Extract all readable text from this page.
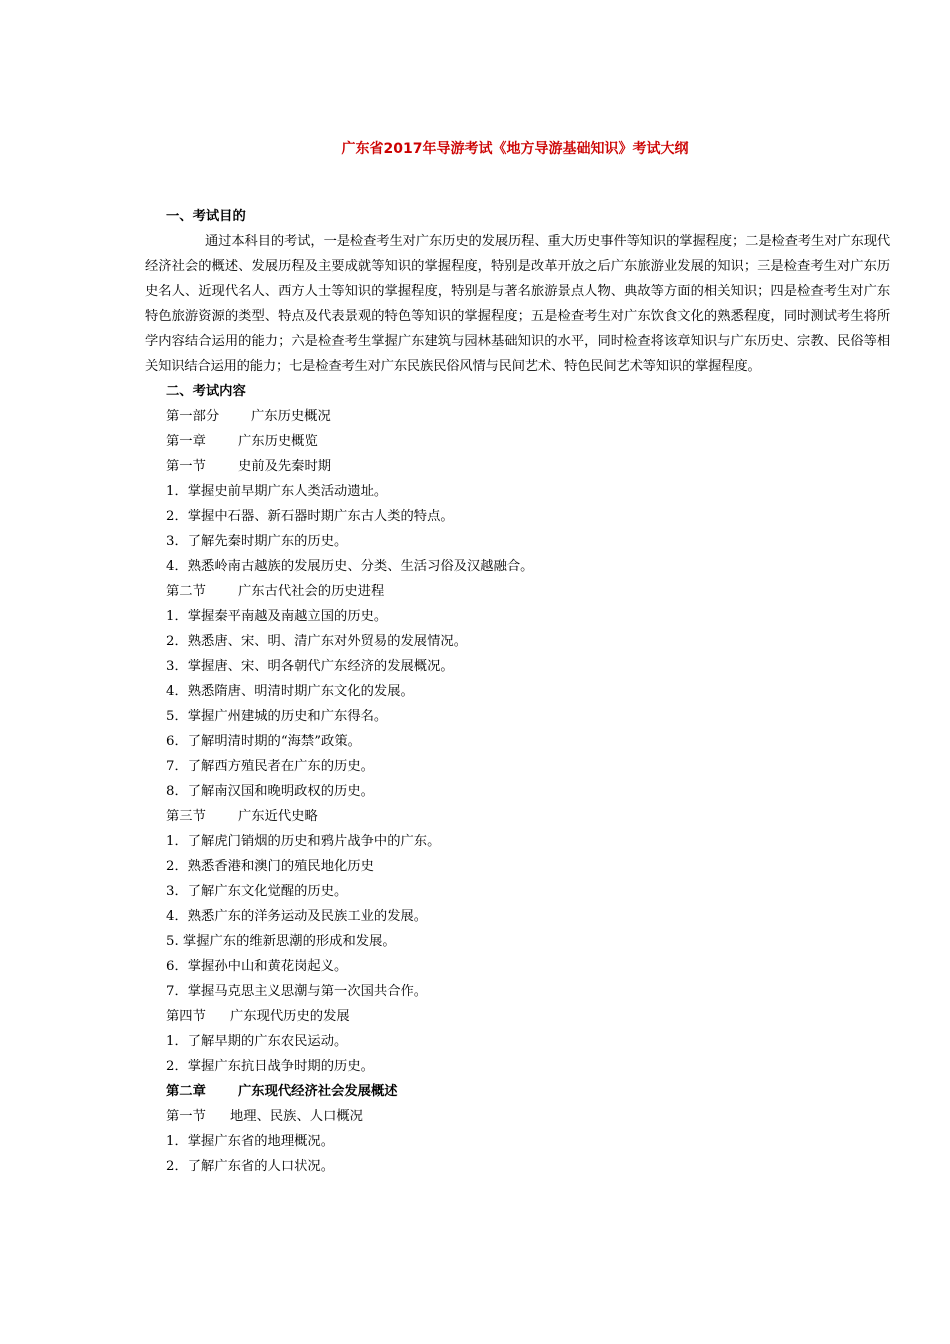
广东省2017年导游考试《地方导游基础知识》考试大纲
一、考试目的

通过本科目的考试，一是检查考生对广东历史的发展历程、重大历史事件等知识的掌握程度；二是检查考生对广东现代经济社会的概述、发展历程及主要成就等知识的掌握程度，特别是改革开放之后广东旅游业发展的知识；三是检查考生对广东历史名人、近现代名人、西方人士等知识的掌握程度，特别是与著名旅游景点人物、典故等方面的相关知识；四是检查考生对广东特色旅游资源的类型、特点及代表景观的特色等知识的掌握程度；五是检查考生对广东饮食文化的熟悉程度，同时测试考生将所学内容结合运用的能力；六是检查考生掌握广东建筑与园林基础知识的水平，同时检查将该章知识与广东历史、宗教、民俗等相关知识结合运用的能力；七是检查考生对广东民族民俗风情与民间艺术、特色民间艺术等知识的掌握程度。

二、考试内容
第一部分 广东历史概况
第一章 广东历史概览
第一节 史前及先秦时期
1．掌握史前早期广东人类活动遗址。
2．掌握中石器、新石器时期广东古人类的特点。
3．了解先秦时期广东的历史。
4．熟悉岭南古越族的发展历史、分类、生活习俗及汉越融合。
第二节 广东古代社会的历史进程
1．掌握秦平南越及南越立国的历史。
2．熟悉唐、宋、明、清广东对外贸易的发展情况。
3．掌握唐、宋、明各朝代广东经济的发展概况。
4．熟悉隋唐、明清时期广东文化的发展。
5．掌握广州建城的历史和广东得名。
6．了解明清时期的“海禁”政策。
7．了解西方殖民者在广东的历史。
8．了解南汉国和晚明政权的历史。
第三节 广东近代史略
1．了解虎门销烟的历史和鸦片战争中的广东。
2．熟悉香港和澳门的殖民地化历史
3．了解广东文化觉醒的历史。
4．熟悉广东的洋务运动及民族工业的发展。
5. 掌握广东的维新思潮的形成和发展。
6．掌握孙中山和黄花岗起义。
7．掌握马克思主义思潮与第一次国共合作。
第四节 广东现代历史的发展
1．了解早期的广东农民运动。
2．掌握广东抗日战争时期的历史。
第二章 广东现代经济社会发展概述
第一节 地理、民族、人口概况
1．掌握广东省的地理概况。
2．了解广东省的人口状况。
